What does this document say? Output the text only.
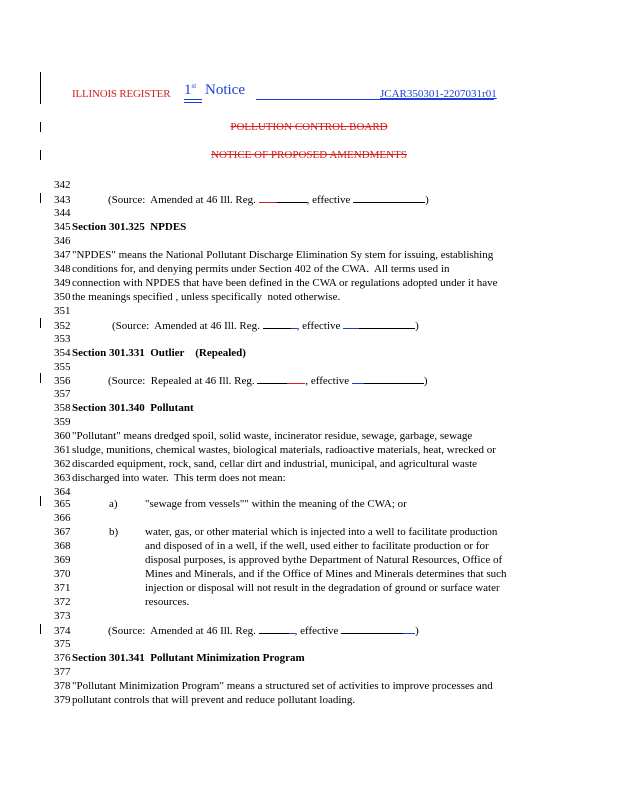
ILLINOIS REGISTER 1st Notice	JCAR350301-2207031r01
POLLUTION CONTROL BOARD
NOTICE OF PROPOSED AMENDMENTS
342
343	(Source:  Amended at 46 Ill. Reg.	, effective	)
344
345 Section 301.325  NPDES
346
347 "NPDES" means the National Pollutant Discharge Elimination Sy stem for issuing, establishing
348 conditions for, and denying permits under Section 402 of the CWA.  All terms used in
349 connection with NPDES that have been defined in the CWA or regulations adopted under it have
350 the meanings specified , unless specifically  noted otherwise.
351
352	(Source:  Amended at 46 Ill. Reg.	, effective	)
353
354 Section 301.331  Outlier    (Repealed)
355
356	(Source:  Repealed at 46 Ill. Reg.	, effective	)
357
358 Section 301.340  Pollutant
359
360 "Pollutant" means dredged spoil, solid waste, incinerator residue, sewage, garbage, sewage
361 sludge, munitions, chemical wastes, biological materials, radioactive materials, heat, wrecked or
362 discarded equipment, rock, sand, cellar dirt and industrial, municipal, and agricultural waste
363 discharged into water.  This term does not mean:
364
365	a) "sewage from vessels"" within the meaning of the CWA; or
366
367	b) water, gas, or other material which is injected into a well to facilitate production
368	and disposed of in a well, if the well, used either to facilitate production or for
369	disposal purposes, is approved bythe Department of Natural Resources, Office of
370	Mines and Minerals, and if the Office of Mines and Minerals determines that such
371	injection or disposal will not result in the degradation of ground or surface water
372	resources.
373
374	(Source:  Amended at 46 Ill. Reg.	, effective	)
375
376 Section 301.341  Pollutant Minimization Program
377
378 "Pollutant Minimization Program" means a structured set of activities to improve processes and
379 pollutant controls that will prevent and reduce pollutant loading.
